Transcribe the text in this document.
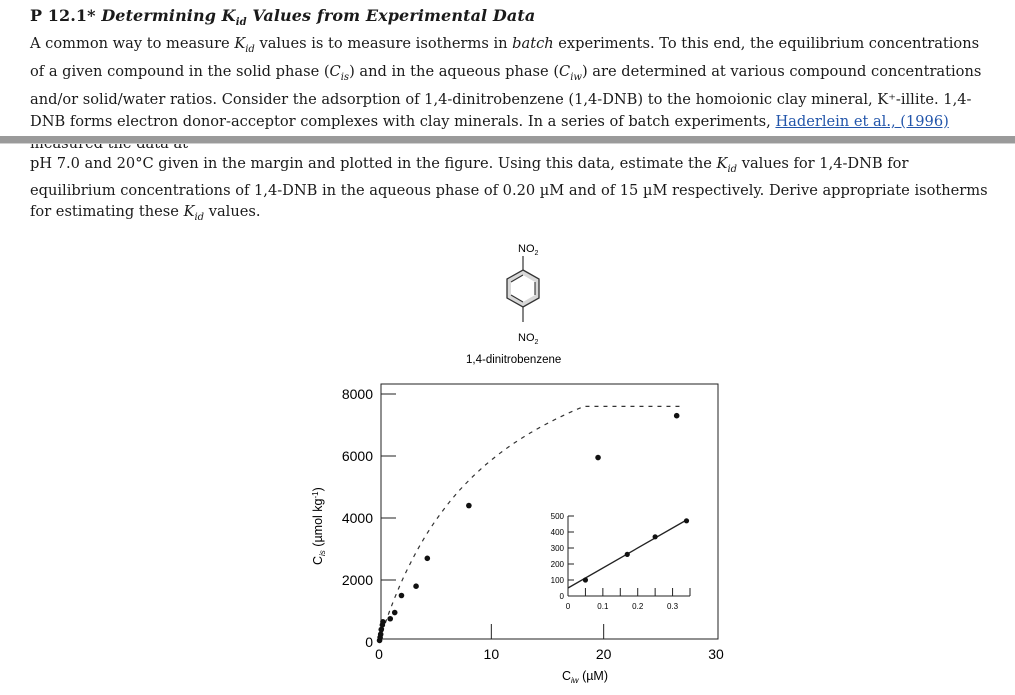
P 12.1* Determining $K_{id}$ Values from Experimental Data
A common way to measure $K_{id}$ values is to measure isotherms in batch experiments. To this end, the equilibrium concentrations of a given compound in the solid phase $(C_{is})$ and in the aqueous phase $(C_{iw})$ are determined at various compound concentrations and/or solid/water ratios. Consider the adsorption of 1,4-dinitrobenzene (1,4-DNB) to the homoionic clay mineral, K⁺-illite. 1,4-DNB forms electron donor-acceptor complexes with clay minerals. In a series of batch experiments, Haderlein et al., (1996)
pH 7.0 and 20°C given in the margin and plotted in the figure. Using this data, estimate the $K_{id}$ values for 1,4-DNB for equilibrium concentrations of 1,4-DNB in the aqueous phase of 0.20 µM and of 15 µM respectively. Derive appropriate isotherms for estimating these $K_{id}$ values.
$NO_2$
$NO_2$
1,4-dinitrobenzene
0
2000
4000
6000
8000
0	10	20	30
$C_{iw}$ (µM)
$C_{is}$ (µmol $kg^{-1}$)
0
100
200
300
400
500
0	0.1	0.2	0.3
